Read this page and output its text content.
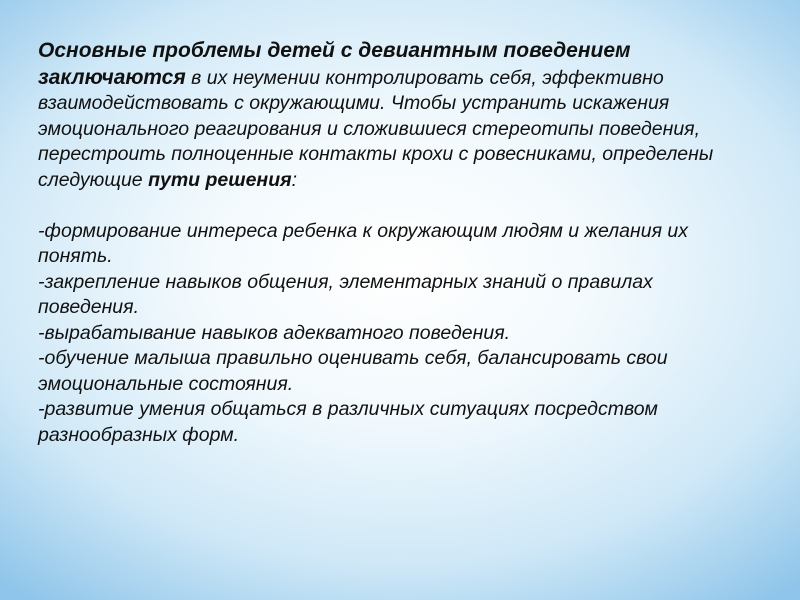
Основные проблемы детей с девиантным поведением заключаются в их неумении контролировать себя, эффективно взаимодействовать с окружающими. Чтобы устранить искажения эмоционального реагирования и сложившиеся стереотипы поведения, перестроить полноценные контакты крохи с ровесниками, определены следующие пути решения:

-формирование интереса ребенка к окружающим людям и желания их понять.

-закрепление навыков общения, элементарных знаний о правилах поведения.

-вырабатывание навыков адекватного поведения.

-обучение малыша правильно оценивать себя, балансировать свои эмоциональные состояния.

-развитие умения общаться в различных ситуациях посредством разнообразных форм.
